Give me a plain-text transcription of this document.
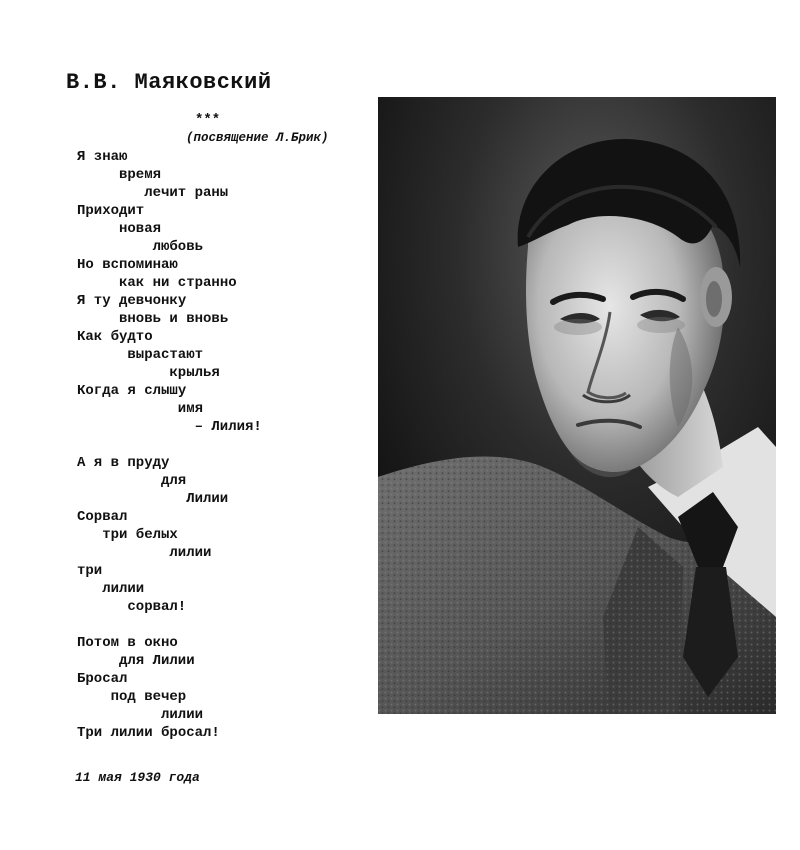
В.В. Маяковский
***
(посвящение Л.Брик)
Я знаю
время
лечит раны
Приходит
новая
любовь
Но вспоминаю
как ни странно
Я ту девчонку
вновь и вновь
Как будто
вырастают
крылья
Когда я слышу
имя
– Лилия!
А я в пруду
для
Лилии
Сорвал
три белых
лилии
три
лилии
сорвал!
Потом в окно
для Лилии
Бросал
под вечер
лилии
Три лилии бросал!
11 мая 1930 года
